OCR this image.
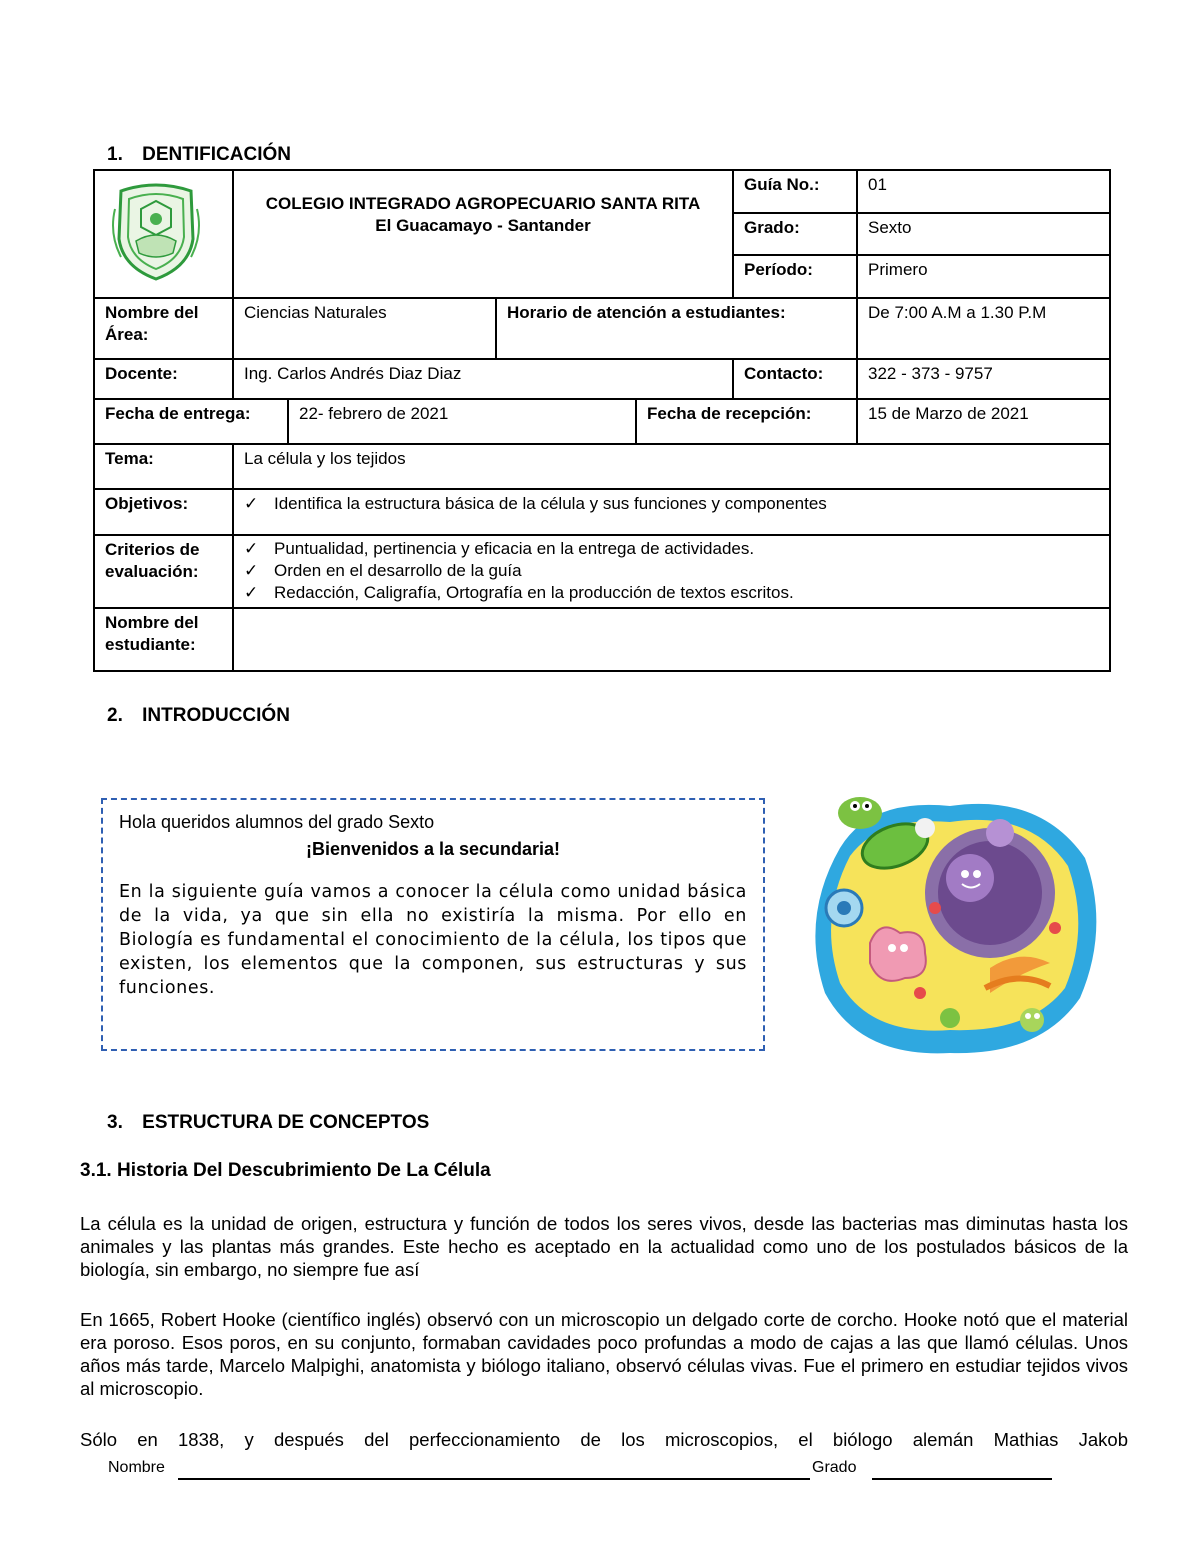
1. DENTIFICACIÓN

COLEGIO INTEGRADO AGROPECUARIO SANTA RITA
El Guacamayo - Santander				Guía No.:	01
					Grado:	Sexto
					Período:	Primero
Nombre del Área:	Ciencias Naturales		Horario de atención a estudiantes:			De 7:00 A.M a 1.30 P.M
Docente:	Ing. Carlos Andrés Diaz Diaz				Contacto:	322 - 373 - 9757
Fecha de entrega:		22- febrero de 2021		Fecha de recepción:		15 de Marzo de 2021
Tema:	La célula y los tejidos					
Objetivos:	✓ Identifica la estructura básica de la célula y sus funciones y componentes					
Criterios de evaluación:	✓ Puntualidad, pertinencia y eficacia en la entrega de actividades.
✓ Orden en el desarrollo de la guía
✓ Redacción, Caligrafía, Ortografía en la producción de textos escritos.					

Nombre del estudiante:						
2. INTRODUCCIÓN
Hola queridos alumnos del grado Sexto
¡Bienvenidos a la secundaria!
En la siguiente guía vamos a conocer la célula como unidad básica de la vida, ya que sin ella no existiría la misma. Por ello en Biología es fundamental el conocimiento de la célula, los tipos que existen, los elementos que la componen, sus estructuras y sus funciones.
3. ESTRUCTURA DE CONCEPTOS
3.1. Historia Del Descubrimiento De La Célula
La célula es la unidad de origen, estructura y función de todos los seres vivos, desde las bacterias mas diminutas hasta los animales y las plantas más grandes. Este hecho es aceptado en la actualidad como uno de los postulados básicos de la biología, sin embargo, no siempre fue así
En 1665, Robert Hooke (científico inglés) observó con un microscopio un delgado corte de corcho. Hooke notó que el material era poroso. Esos poros, en su conjunto, formaban cavidades poco profundas a modo de cajas a las que llamó células. Unos años más tarde, Marcelo Malpighi, anatomista y biólogo italiano, observó células vivas. Fue el primero en estudiar tejidos vivos al microscopio.
Sólo en 1838, y después del perfeccionamiento de los microscopios, el biólogo alemán Mathias Jakob
Nombre	Grado
